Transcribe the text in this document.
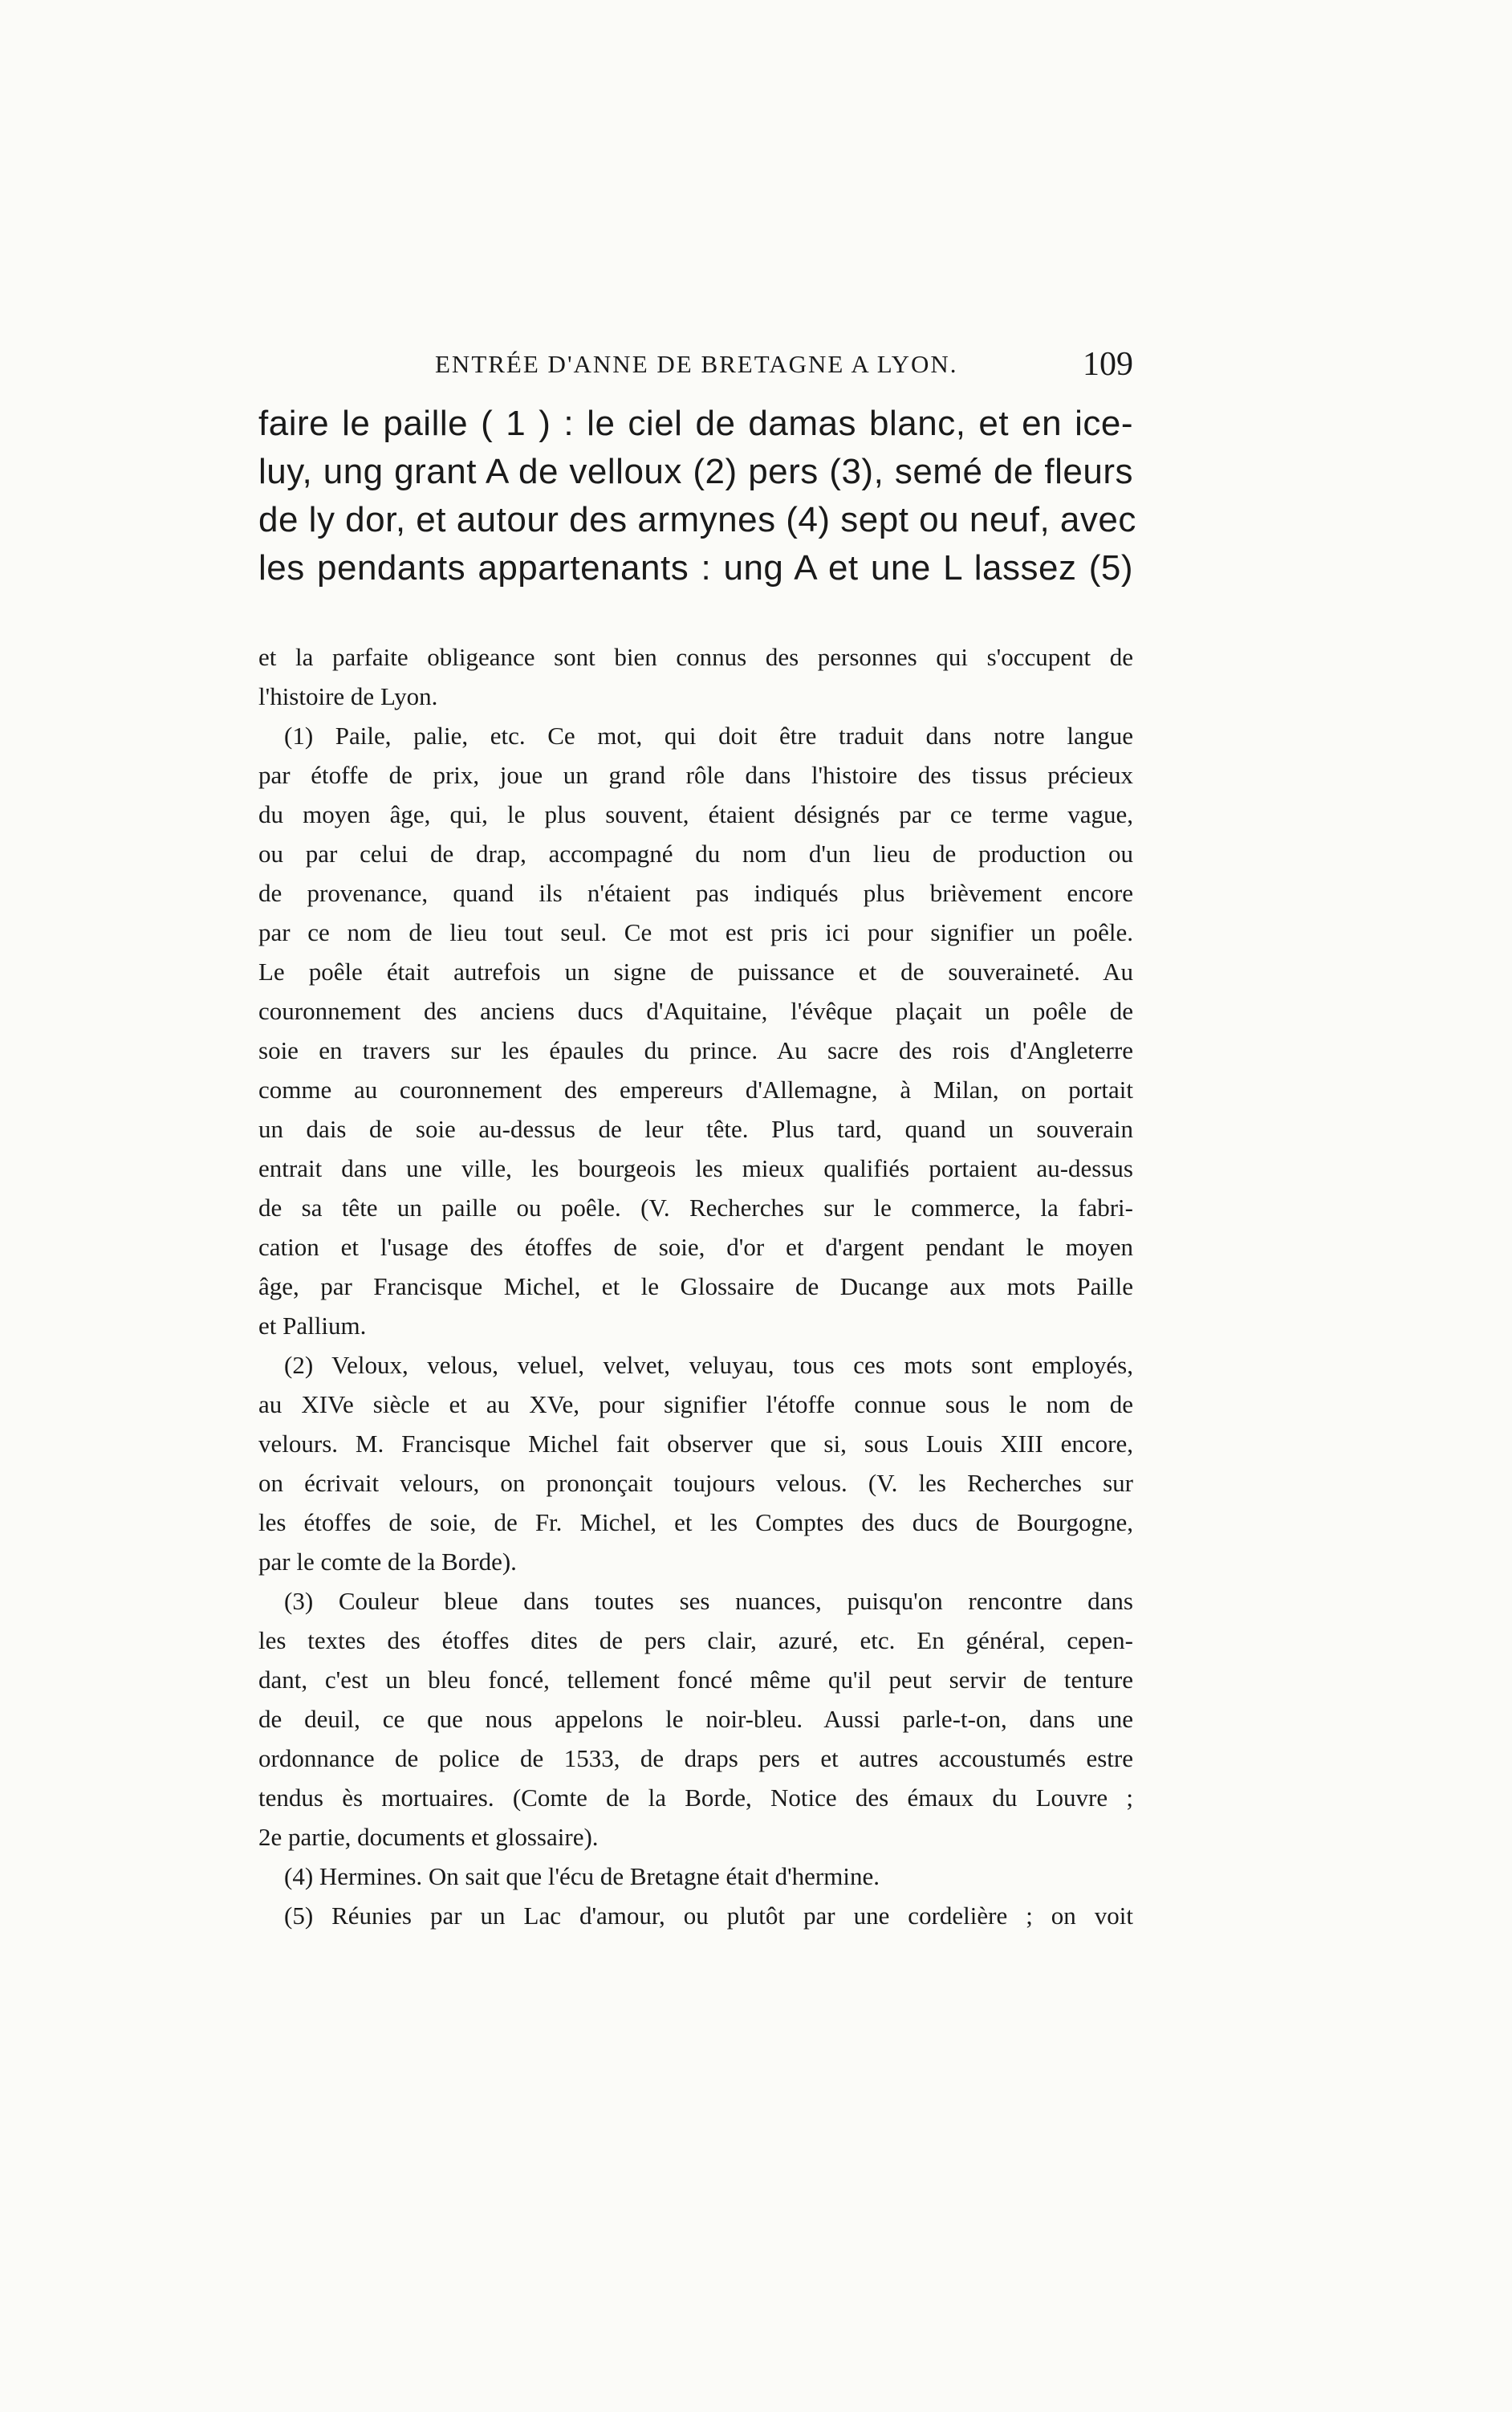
ENTRÉE D'ANNE DE BRETAGNE A LYON.	109
faire le paille ( 1 ) : le ciel de damas blanc, et en ice-
luy, ung grant A de velloux (2) pers (3), semé de fleurs
de ly dor, et autour des armynes (4) sept ou neuf, avec
les pendants appartenants : ung A et une L lassez (5)
et la parfaite obligeance sont bien connus des personnes qui s'occupent de
l'histoire de Lyon.
(1) Paile, palie, etc. Ce mot, qui doit être traduit dans notre langue
par étoffe de prix, joue un grand rôle dans l'histoire des tissus précieux
du moyen âge, qui, le plus souvent, étaient désignés par ce terme vague,
ou par celui de drap, accompagné du nom d'un lieu de production ou
de provenance, quand ils n'étaient pas indiqués plus brièvement encore
par ce nom de lieu tout seul. Ce mot est pris ici pour signifier un poêle.
Le poêle était autrefois un signe de puissance et de souveraineté. Au
couronnement des anciens ducs d'Aquitaine, l'évêque plaçait un poêle de
soie en travers sur les épaules du prince. Au sacre des rois d'Angleterre
comme au couronnement des empereurs d'Allemagne, à Milan, on portait
un dais de soie au-dessus de leur tête. Plus tard, quand un souverain
entrait dans une ville, les bourgeois les mieux qualifiés portaient au-dessus
de sa tête un paille ou poêle. (V. Recherches sur le commerce, la fabri-
cation et l'usage des étoffes de soie, d'or et d'argent pendant le moyen
âge, par Francisque Michel, et le Glossaire de Ducange aux mots Paille
et Pallium.
(2) Veloux, velous, veluel, velvet, veluyau, tous ces mots sont employés,
au XIVe siècle et au XVe, pour signifier l'étoffe connue sous le nom de
velours. M. Francisque Michel fait observer que si, sous Louis XIII encore,
on écrivait velours, on prononçait toujours velous. (V. les Recherches sur
les étoffes de soie, de Fr. Michel, et les Comptes des ducs de Bourgogne,
par le comte de la Borde).
(3) Couleur bleue dans toutes ses nuances, puisqu'on rencontre dans
les textes des étoffes dites de pers clair, azuré, etc. En général, cepen-
dant, c'est un bleu foncé, tellement foncé même qu'il peut servir de tenture
de deuil, ce que nous appelons le noir-bleu. Aussi parle-t-on, dans une
ordonnance de police de 1533, de draps pers et autres accoustumés estre
tendus ès mortuaires. (Comte de la Borde, Notice des émaux du Louvre ;
2e partie, documents et glossaire).
(4) Hermines. On sait que l'écu de Bretagne était d'hermine.
(5) Réunies par un Lac d'amour, ou plutôt par une cordelière ; on voit
